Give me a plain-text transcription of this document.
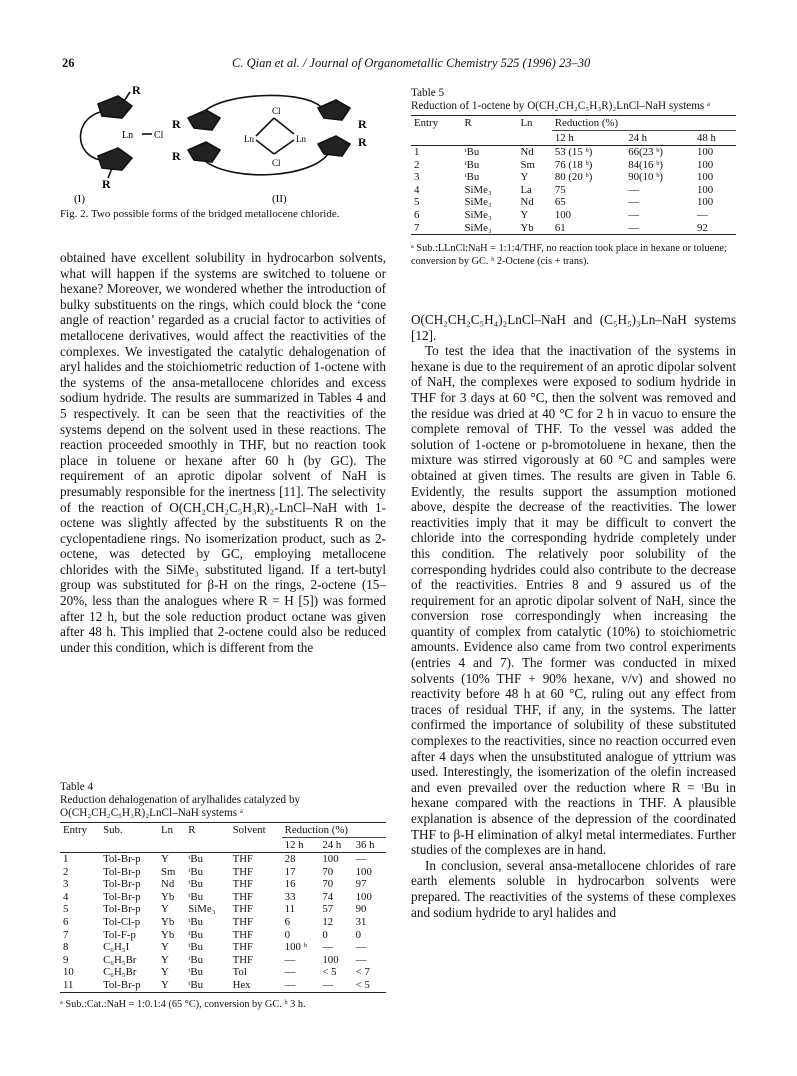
26	C. Qian et al. / Journal of Organometallic Chemistry 525 (1996) 23–30
R
Ln Cl
R
(I)
R
R
R
R
Ln	Ln
Cl
Cl
(II)
Fig. 2. Two possible forms of the bridged metallocene chloride.

obtained have excellent solubility in hydrocarbon solvents, what will happen if the systems are switched to toluene or hexane? Moreover, we wondered whether the introduction of bulky substituents on the rings, which could block the ‘cone angle of reaction’ regarded as a crucial factor to activities of metallocene derivatives, would affect the reactivities of the complexes. We investigated the catalytic dehalogenation of aryl halides and the stoichiometric reduction of 1-octene with the systems of the ansa-metallocene chlorides and excess sodium hydride. The results are summarized in Tables 4 and 5 respectively. It can be seen that the reactivities of the systems depend on the solvent used in these reactions. The reaction proceeded smoothly in THF, but no reaction took place in toluene or hexane after 60 h (by GC). The requirement of an aprotic dipolar solvent of NaH is presumably responsible for the inertness [11]. The selectivity of the reaction of O(CH₂CH₂C₅H₃R)₂-LnCl–NaH with 1-octene was slightly affected by the substituents R on the cyclopentadiene rings. No isomerization product, such as 2-octene, was detected by GC, employing metallocene chlorides with the SiMe₃ substituted ligand. If a tert-butyl group was substituted for β-H on the rings, 2-octene (15–20%, less than the analogues where R = H [5]) was formed after 12 h, but the sole reduction product octane was given after 48 h. This implied that 2-octene could also be reduced under this condition, which is different from the

Table 4
Reduction dehalogenation of arylhalides catalyzed by O(CH₂CH₂C₅H₃R)₂LnCl–NaH systems ᵃ
Entry	Sub.	Ln	R	Solvent	Reduction (%)		
					12 h	24 h	36 h
1	Tol-Br-p	Y	ᵗBu	THF	28	100	—
2	Tol-Br-p	Sm	ᵗBu	THF	17	70	100
3	Tol-Br-p	Nd	ᵗBu	THF	16	70	97
4	Tol-Br-p	Yb	ᵗBu	THF	33	74	100
5	Tol-Br-p	Y	SiMe₃	THF	11	57	90
6	Tol-Cl-p	Yb	ᵗBu	THF	6	12	31
7	Tol-F-p	Yb	ᵗBu	THF	0	0	0
8	C₆H₅I	Y	ᵗBu	THF	100 ᵇ	—	—
9	C₆H₅Br	Y	ᵗBu	THF	—	100	—
10	C₆H₅Br	Y	ᵗBu	Tol	—	< 5	< 7
11	Tol-Br-p	Y	ᵗBu	Hex	—	—	< 5
ᵃ Sub.:Cat.:NaH = 1:0.1:4 (65 °C), conversion by GC. ᵇ 3 h.
Table 5
Reduction of 1-octene by O(CH₂CH₂C₅H₃R)₂LnCl–NaH systems ᵃ
Entry	R	Ln	Reduction (%)		
			12 h	24 h	48 h
1	ᵗBu	Nd	53 (15 ᵇ)	66(23 ᵇ)	100
2	ᵗBu	Sm	76 (18 ᵇ)	84(16 ᵇ)	100
3	ᵗBu	Y	80 (20 ᵇ)	90(10 ᵇ)	100
4	SiMe₃	La	75	—	100
5	SiMe₃	Nd	65	—	100
6	SiMe₃	Y	100	—	—
7	SiMe₃	Yb	61	—	92
ᵃ Sub.:LLnCl:NaH = 1:1:4/THF, no reaction took place in hexane or toluene; conversion by GC. ᵇ 2-Octene (cis + trans).

O(CH₂CH₂C₅H₄)₂LnCl–NaH and (C₅H₅)₃Ln–NaH systems [12].

To test the idea that the inactivation of the systems in hexane is due to the requirement of an aprotic dipolar solvent of NaH, the complexes were exposed to sodium hydride in THF for 3 days at 60 °C, then the solvent was removed and the residue was dried at 40 °C for 2 h in vacuo to ensure the complete removal of THF. To the vessel was added the solution of 1-octene or p-bromotoluene in hexane, then the mixture was stirred vigorously at 60 °C and samples were obtained at given times. The results are given in Table 6. Evidently, the results support the assumption motioned above, despite the decrease of the reactivities. The lower reactivities imply that it may be difficult to convert the chloride into the corresponding hydride completely under this condition. The relatively poor solubility of the corresponding hydrides could also contribute to the decrease of the reactivities. Entries 8 and 9 assured us of the requirement for an aprotic dipolar solvent of NaH, since the conversion rose correspondingly when increasing the quantity of complex from catalytic (10%) to stoichiometric amounts. Evidence also came from two control experiments (entries 4 and 7). The former was conducted in mixed solvents (10% THF + 90% hexane, v/v) and showed no reactivity before 48 h at 60 °C, ruling out any effect from traces of residual THF, if any, in the systems. The latter confirmed the importance of solubility of these substituted complexes to the reactivities, since no reaction occurred even after 4 days when the unsubstituted analogue of yttrium was used. Interestingly, the isomerization of the olefin increased and even prevailed over the reduction where R = ᵗBu in hexane compared with the reactions in THF. A plausible explanation is absence of the depression of the coordinated THF to β-H elimination of alkyl metal intermediates. Further studies of the complexes are in hand.

In conclusion, several ansa-metallocene chlorides of rare earth elements soluble in hydrocarbon solvents were prepared. The reactivities of the systems of these complexes and sodium hydride to aryl halides and
